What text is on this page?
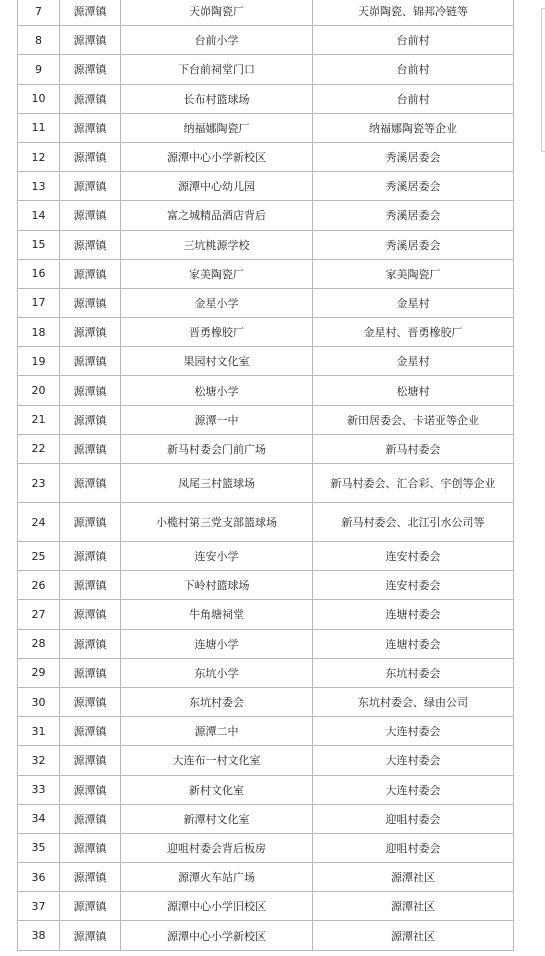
7	源潭镇	天峁陶瓷厂	天峁陶瓷、锦邦冷链等
8	源潭镇	台前小学	台前村
9	源潭镇	下台前祠堂门口	台前村
10	源潭镇	长布村篮球场	台前村
11	源潭镇	纳福娜陶瓷厂	纳福娜陶瓷等企业
12	源潭镇	源潭中心小学新校区	秀溪居委会
13	源潭镇	源潭中心幼儿园	秀溪居委会
14	源潭镇	富之城精品酒店背后	秀溪居委会
15	源潭镇	三坑桃源学校	秀溪居委会
16	源潭镇	家美陶瓷厂	家美陶瓷厂
17	源潭镇	金星小学	金星村
18	源潭镇	晋勇橡胶厂	金星村、晋勇橡胶厂
19	源潭镇	果园村文化室	金星村
20	源潭镇	松塘小学	松塘村
21	源潭镇	源潭一中	新田居委会、卡诺亚等企业
22	源潭镇	新马村委会门前广场	新马村委会
23	源潭镇	凤尾三村篮球场	新马村委会、汇合彩、宇创等企业
24	源潭镇	小榄村第三党支部篮球场	新马村委会、北江引水公司等
25	源潭镇	连安小学	连安村委会
26	源潭镇	下岭村篮球场	连安村委会
27	源潭镇	牛角塘祠堂	连塘村委会
28	源潭镇	连塘小学	连塘村委会
29	源潭镇	东坑小学	东坑村委会
30	源潭镇	东坑村委会	东坑村委会、绿由公司
31	源潭镇	源潭二中	大连村委会
32	源潭镇	大连布一村文化室	大连村委会
33	源潭镇	新村文化室	大连村委会
34	源潭镇	新潭村文化室	迎咀村委会
35	源潭镇	迎咀村委会背后板房	迎咀村委会
36	源潭镇	源潭火车站广场	源潭社区
37	源潭镇	源潭中心小学旧校区	源潭社区
38	源潭镇	源潭中心小学新校区	源潭社区
